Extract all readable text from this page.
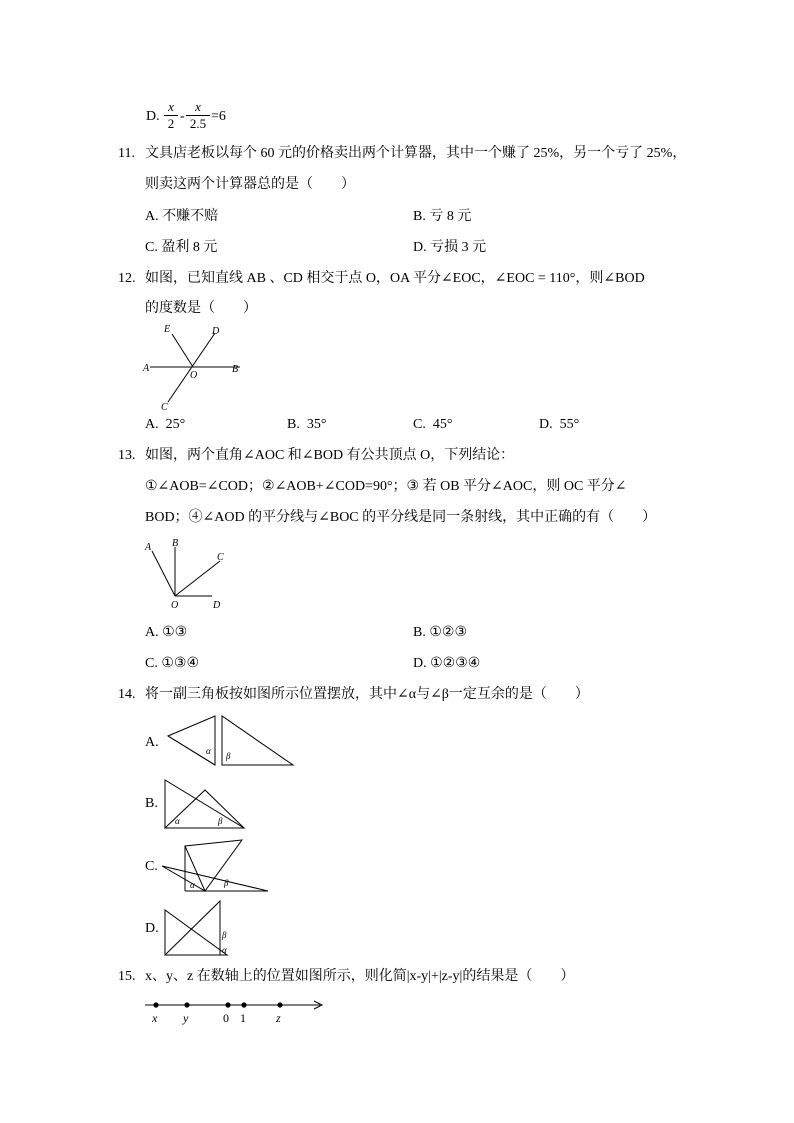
D. $\frac{x}{2} - \frac{x}{2.5} =6$
11. 文具店老板以每个 60 元的价格卖出两个计算器，其中一个赚了 25%，另一个亏了 25%，
则卖这两个计算器总的是（　　）
A. 不赚不赔	B. 亏 8 元
C. 盈利 8 元	D. 亏损 3 元
12. 如图，已知直线 AB 、CD 相交于点 O，OA 平分∠EOC，∠EOC = 110°，则∠BOD
的度数是（　　）
E	D
A
O
B
C
A. 25°	B. 35°	C. 45°	D. 55°
13. 如图，两个直角∠AOC 和∠BOD 有公共顶点 O，下列结论：
①∠AOB=∠COD；②∠AOB+∠COD=90°；③ 若 OB 平分∠AOC，则 OC 平分∠
BOD；④∠AOD 的平分线与∠BOC 的平分线是同一条射线，其中正确的有（　　）
A B
C
O	D
A. ①③	B. ①②③
C. ①③④	D. ①②③④
14. 将一副三角板按如图所示位置摆放，其中∠α与∠β一定互余的是（　　）
A.
α β
B.
α	β
C.
α	β
D.	β
α
15. x、y、z 在数轴上的位置如图所示，则化简|x-y|+|z-y|的结果是（　　）
x y	0 1	z
